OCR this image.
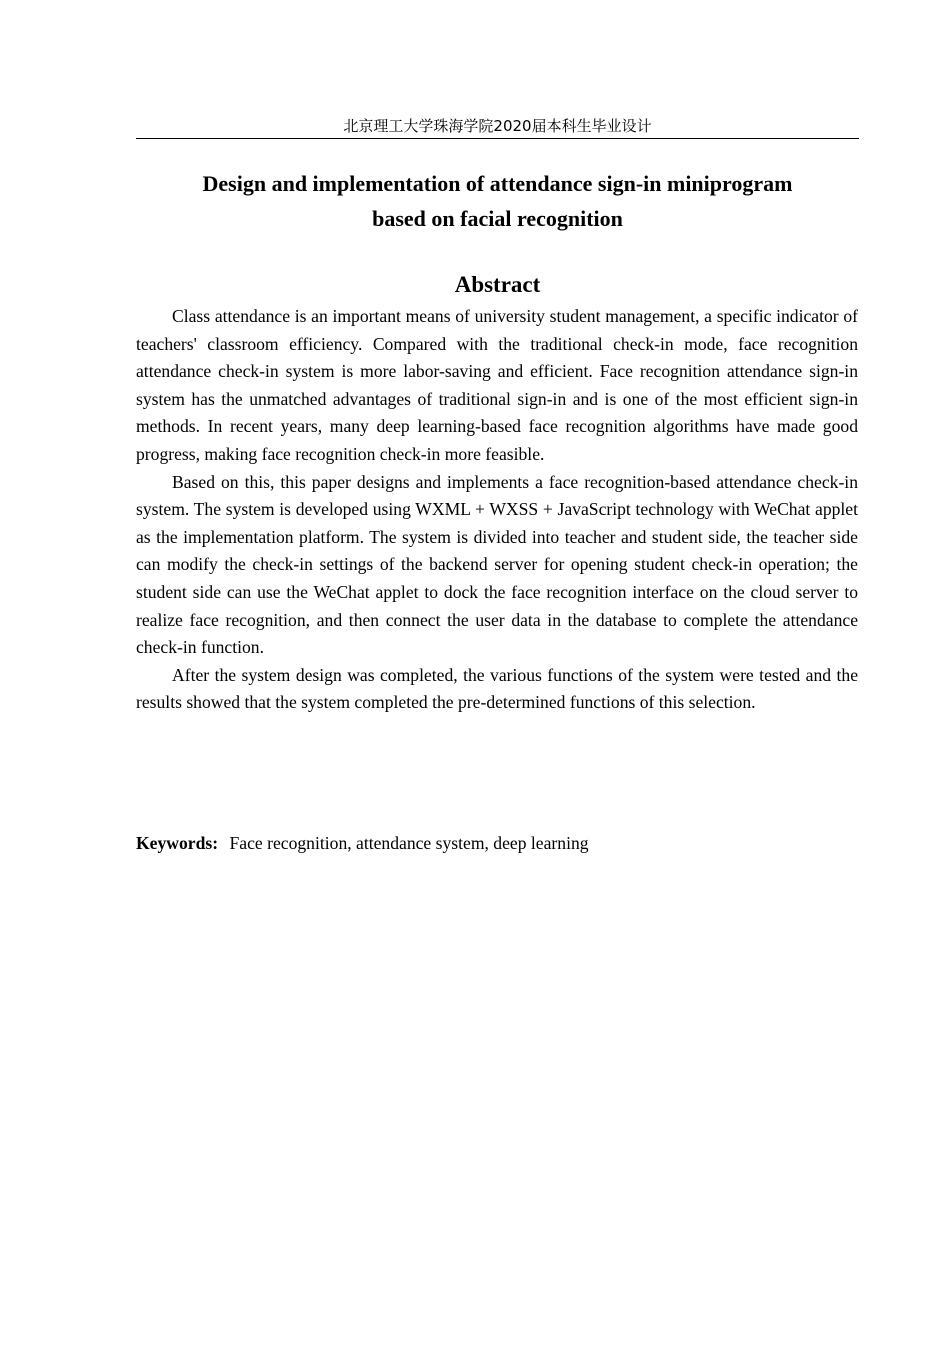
北京理工大学珠海学院2020届本科生毕业设计
Design and implementation of attendance sign-in miniprogram
based on facial recognition
Abstract

Class attendance is an important means of university student management, a specific indicator of teachers' classroom efficiency. Compared with the traditional check-in mode, face recognition attendance check-in system is more labor-saving and efficient. Face recognition attendance sign-in system has the unmatched advantages of traditional sign-in and is one of the most efficient sign-in methods. In recent years, many deep learning-based face recognition algorithms have made good progress, making face recognition check-in more feasible.

Based on this, this paper designs and implements a face recognition-based attendance check-in system. The system is developed using WXML + WXSS + JavaScript technology with WeChat applet as the implementation platform. The system is divided into teacher and student side, the teacher side can modify the check-in settings of the backend server for opening student check-in operation; the student side can use the WeChat applet to dock the face recognition interface on the cloud server to realize face recognition, and then connect the user data in the database to complete the attendance check-in function.

After the system design was completed, the various functions of the system were tested and the results showed that the system completed the pre-determined functions of this selection.

Keywords: Face recognition, attendance system, deep learning
